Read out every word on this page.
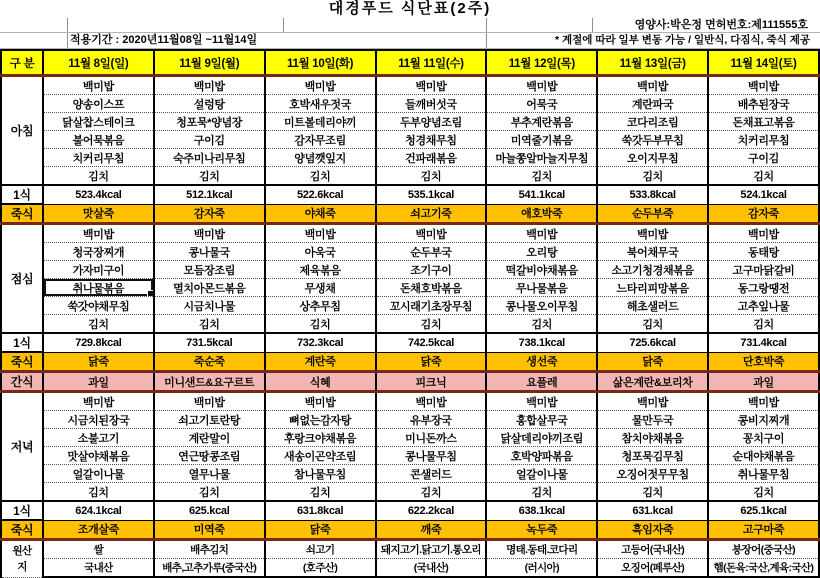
대경푸드 식단표(2주)
영양사:박은정 면허번호:제111555호
적용기간 : 2020년11월08일 ~11월14일	* 계절에 따라 일부 변동 가능 / 일반식, 다짐식, 죽식 제공
구 분	11월 8일(일)	11월 9일(월)	11월 10일(화)	11월 11일(수)	11월 12일(목)	11월 13일(금)	11월 14일(토)
아침	백미밥	백미밥	백미밥	백미밥	백미밥	백미밥	백미밥
	양송이스프	설렁탕	호박새우젓국	들깨버섯국	어묵국	계란파국	배추된장국
	닭살찹스테이크	청포묵*양념장	미트볼데리야끼	두부양념조림	부추계란볶음	코다리조림	돈채표고볶음
	불어묵볶음	구이김	감자무조림	청경채무침	미역줄기볶음	쑥갓두부무침	치커리무침
	치커리무침	숙주미나리무침	양념깻잎지	건파래볶음	마늘쫑알마늘지무침	오이지무침	구이김
	김치	김치	김치	김치	김치	김치	김치
1식	523.4kcal	512.1kcal	522.6kcal	535.1kcal	541.1kcal	533.8kcal	524.1kcal
죽식	맛살죽	감자죽	야채죽	쇠고기죽	애호박죽	순두부죽	감자죽
점심	백미밥	백미밥	백미밥	백미밥	백미밥	백미밥	백미밥
	청국장찌개	콩나물국	아욱국	순두부국	오리탕	북어채무국	동태탕
	가자미구이	모듬장조림	제육볶음	조기구이	떡갈비야채볶음	소고기청경채볶음	고구마닭갈비
	취나물볶음	멸치아몬드볶음	무생채	돈채호박볶음	무나물볶음	느타리피망볶음	동그랑땡전
	쑥갓야채무침	시금치나물	상추무침	꼬시래기초장무침	콩나물오이무침	해초샐러드	고추잎나물
	김치	김치	김치	김치	김치	김치	김치
1식	729.8kcal	731.5kcal	732.3kcal	742.5kcal	738.1kcal	725.6kcal	731.4kcal
죽식	닭죽	죽순죽	계란죽	닭죽	생선죽	닭죽	단호박죽
간식	과일	미니샌드&요구르트	식혜	피크닉	요플레	삶은계란&보리차	과일
저녁	백미밥	백미밥	백미밥	백미밥	백미밥	백미밥	백미밥
	시금치된장국	쇠고기토란탕	뼈없는감자탕	유부장국	홍합살무국	물만두국	콩비지찌개
	소불고기	계란말이	후랑크야채볶음	미니돈까스	닭살데리야끼조림	참치야채볶음	꽁치구이
	맛살야채볶음	연근땅콩조림	새송이곤약조림	콩나물무침	호박양파볶음	청포묵김무침	순대야채볶음
	얼갈이나물	열무나물	참나물무침	콘샐러드	얼갈이나물	오징어젓무무침	취나물무침
	김치	김치	김치	김치	김치	김치	김치
1식	624.1kcal	625.kcal	631.8kcal	622.2kcal	638.1kcal	631.kcal	625.1kcal
죽식	조개살죽	미역죽	닭죽	깨죽	녹두죽	흑임자죽	고구마죽

원산
지	쌀	배추김치	쇠고기	돼지고기.닭고기.통오리	명태.동태.코다리	고등어(국내산)	붕장어(중국산)
	국내산	배추,고추가루(중국산)	(호주산)	(국내산)	(러시아)	오징어(페루산)	햄(돈육:국산,계육:국산)
